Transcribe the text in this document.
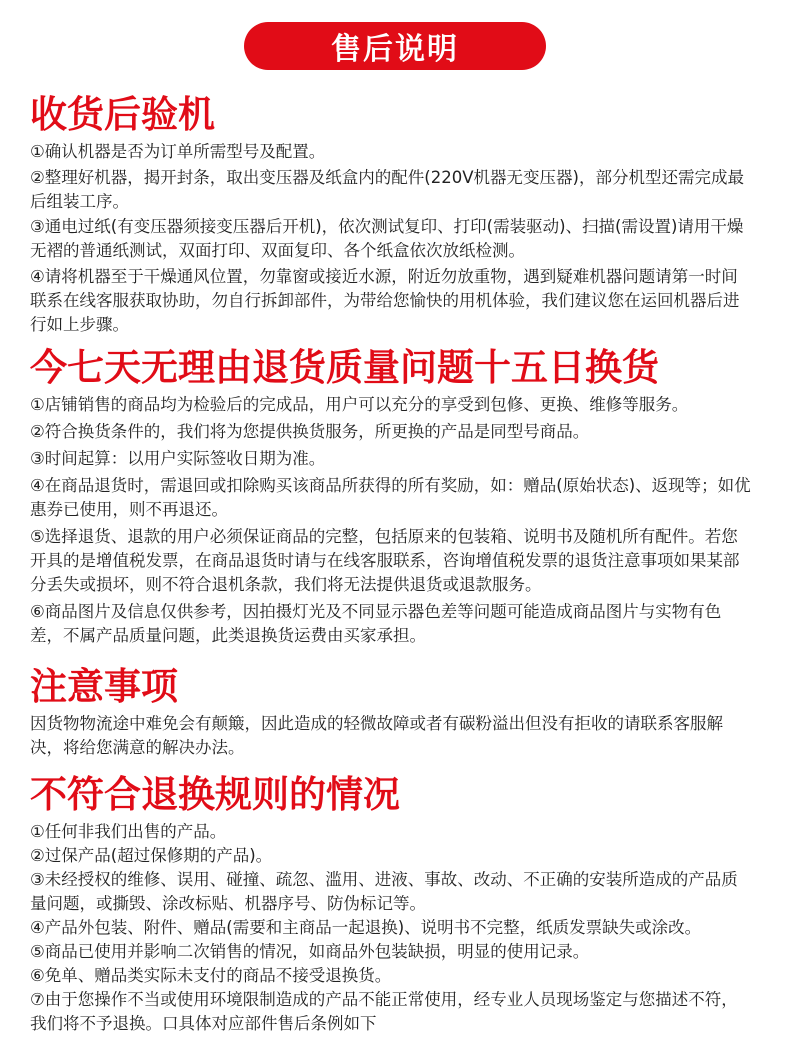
售后说明
收货后验机
①确认机器是否为订单所需型号及配置。
②整理好机器，揭开封条，取出变压器及纸盒内的配件(220V机器无变压器)，部分机型还需完成最后组装工序。
③通电过纸(有变压器须接变压器后开机)，依次测试复印、打印(需装驱动)、扫描(需设置)请用干燥无褶的普通纸测试，双面打印、双面复印、各个纸盒依次放纸检测。
④请将机器至于干燥通风位置，勿靠窗或接近水源，附近勿放重物，遇到疑难机器问题请第一时间联系在线客服获取协助，勿自行拆卸部件，为带给您愉快的用机体验，我们建议您在运回机器后进行如上步骤。
今七天无理由退货质量问题十五日换货
①店铺销售的商品均为检验后的完成品，用户可以充分的享受到包修、更换、维修等服务。
②符合换货条件的，我们将为您提供换货服务，所更换的产品是同型号商品。
③时间起算：以用户实际签收日期为准。
④在商品退货时，需退回或扣除购买该商品所获得的所有奖励，如：赠品(原始状态)、返现等；如优惠券已使用，则不再退还。
⑤选择退货、退款的用户必须保证商品的完整，包括原来的包装箱、说明书及随机所有配件。若您开具的是增值税发票，在商品退货时请与在线客服联系，咨询增值税发票的退货注意事项如果某部分丢失或损坏，则不符合退机条款，我们将无法提供退货或退款服务。
⑥商品图片及信息仅供参考，因拍摄灯光及不同显示器色差等问题可能造成商品图片与实物有色差，不属产品质量问题，此类退换货运费由买家承担。
注意事项
因货物物流途中难免会有颠簸，因此造成的轻微故障或者有碳粉溢出但没有拒收的请联系客服解决，将给您满意的解决办法。
不符合退换规则的情况
①任何非我们出售的产品。
②过保产品(超过保修期的产品)。
③未经授权的维修、误用、碰撞、疏忽、滥用、进液、事故、改动、不正确的安装所造成的产品质量问题，或撕毁、涂改标贴、机器序号、防伪标记等。
④产品外包装、附件、赠品(需要和主商品一起退换)、说明书不完整，纸质发票缺失或涂改。
⑤商品已使用并影响二次销售的情况，如商品外包装缺损，明显的使用记录。
⑥免单、赠品类实际未支付的商品不接受退换货。
⑦由于您操作不当或使用环境限制造成的产品不能正常使用，经专业人员现场鉴定与您描述不符，我们将不予退换。口具体对应部件售后条例如下
